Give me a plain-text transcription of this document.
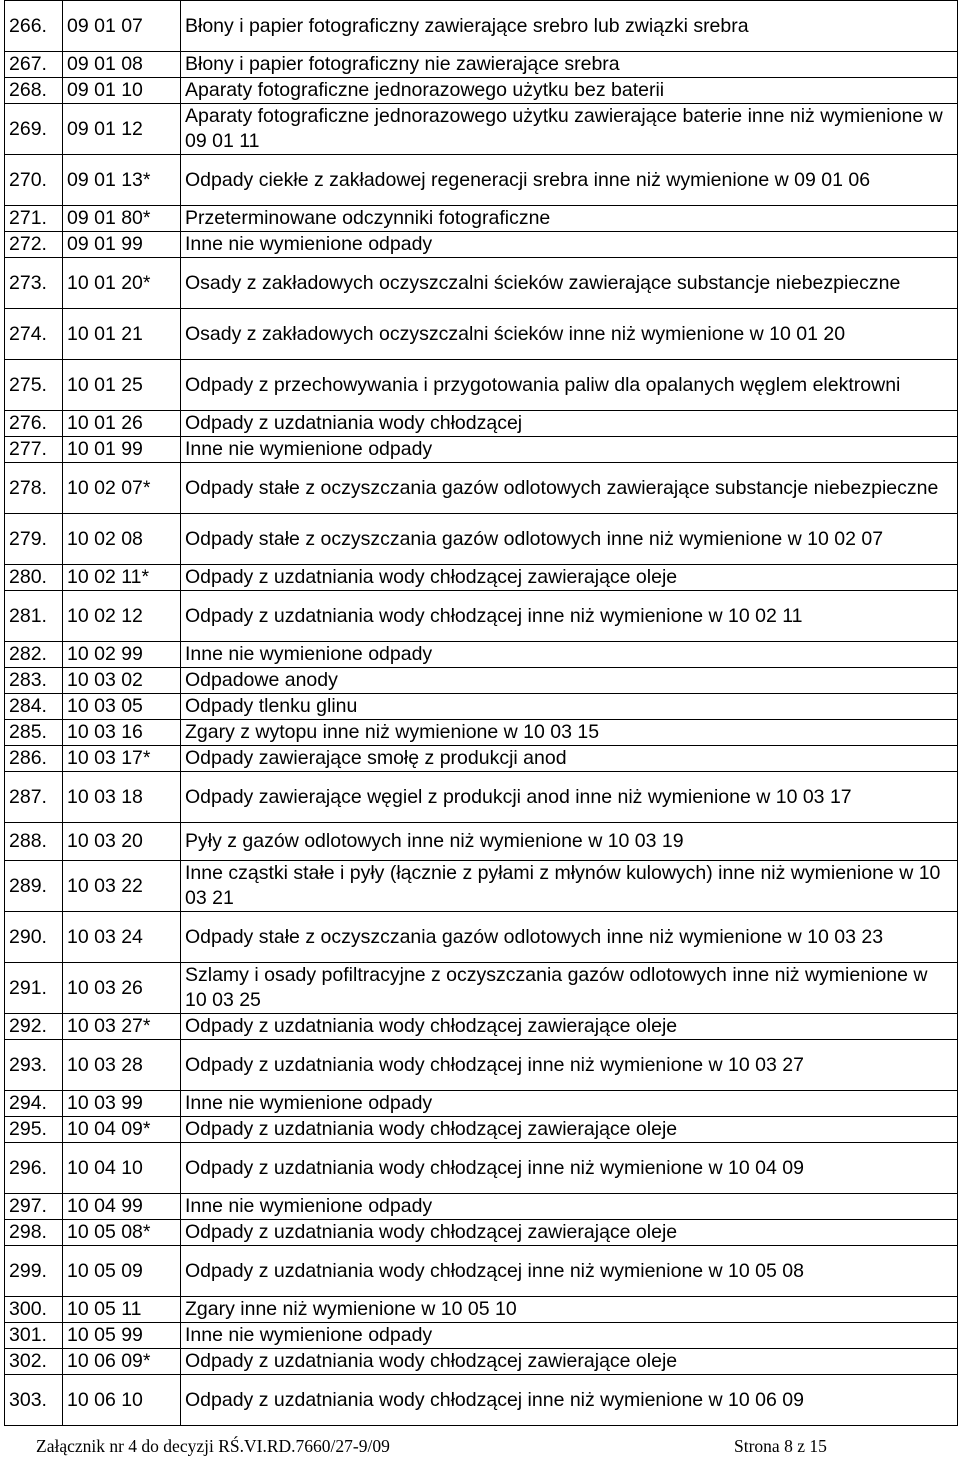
266.	09 01 07	Błony i papier fotograficzny zawierające srebro lub związki srebra
267.	09 01 08	Błony i papier fotograficzny nie zawierające srebra
268.	09 01 10	Aparaty fotograficzne jednorazowego użytku bez baterii
269.	09 01 12	Aparaty fotograficzne jednorazowego użytku zawierające baterie inne niż wymienione w 09 01 11
270.	09 01 13*	Odpady ciekłe z zakładowej regeneracji srebra inne niż wymienione w 09 01 06
271.	09 01 80*	Przeterminowane odczynniki fotograficzne
272.	09 01 99	Inne nie wymienione odpady
273.	10 01 20*	Osady z zakładowych oczyszczalni ścieków zawierające substancje niebezpieczne
274.	10 01 21	Osady z zakładowych oczyszczalni ścieków inne niż wymienione w 10 01 20
275.	10 01 25	Odpady z przechowywania i przygotowania paliw dla opalanych węglem elektrowni
276.	10 01 26	Odpady z uzdatniania wody chłodzącej
277.	10 01 99	Inne nie wymienione odpady
278.	10 02 07*	Odpady stałe z oczyszczania gazów odlotowych zawierające substancje niebezpieczne
279.	10 02 08	Odpady stałe z oczyszczania gazów odlotowych inne niż wymienione w 10 02 07
280.	10 02 11*	Odpady z uzdatniania wody chłodzącej zawierające oleje
281.	10 02 12	Odpady z uzdatniania wody chłodzącej inne niż wymienione w 10 02 11
282.	10 02 99	Inne nie wymienione odpady
283.	10 03 02	Odpadowe anody
284.	10 03 05	Odpady tlenku glinu
285.	10 03 16	Zgary z wytopu inne niż wymienione w 10 03 15
286.	10 03 17*	Odpady zawierające smołę z produkcji anod
287.	10 03 18	Odpady zawierające węgiel z produkcji anod inne niż wymienione w 10 03 17
288.	10 03 20	Pyły z gazów odlotowych inne niż wymienione w 10 03 19
289.	10 03 22	Inne cząstki stałe i pyły (łącznie z pyłami z młynów kulowych) inne niż wymienione w 10 03 21
290.	10 03 24	Odpady stałe z oczyszczania gazów odlotowych inne niż wymienione w 10 03 23
291.	10 03 26	Szlamy i osady pofiltracyjne z oczyszczania gazów odlotowych inne niż wymienione w 10 03 25
292.	10 03 27*	Odpady z uzdatniania wody chłodzącej zawierające oleje
293.	10 03 28	Odpady z uzdatniania wody chłodzącej inne niż wymienione w 10 03 27
294.	10 03 99	Inne nie wymienione odpady
295.	10 04 09*	Odpady z uzdatniania wody chłodzącej zawierające oleje
296.	10 04 10	Odpady z uzdatniania wody chłodzącej inne niż wymienione w 10 04 09
297.	10 04 99	Inne nie wymienione odpady
298.	10 05 08*	Odpady z uzdatniania wody chłodzącej zawierające oleje
299.	10 05 09	Odpady z uzdatniania wody chłodzącej inne niż wymienione w 10 05 08
300.	10 05 11	Zgary inne niż wymienione w 10 05 10
301.	10 05 99	Inne nie wymienione odpady
302.	10 06 09*	Odpady z uzdatniania wody chłodzącej zawierające oleje
303.	10 06 10	Odpady z uzdatniania wody chłodzącej inne niż wymienione w 10 06 09
Załącznik nr 4 do decyzji RŚ.VI.RD.7660/27-9/09	Strona 8 z 15
